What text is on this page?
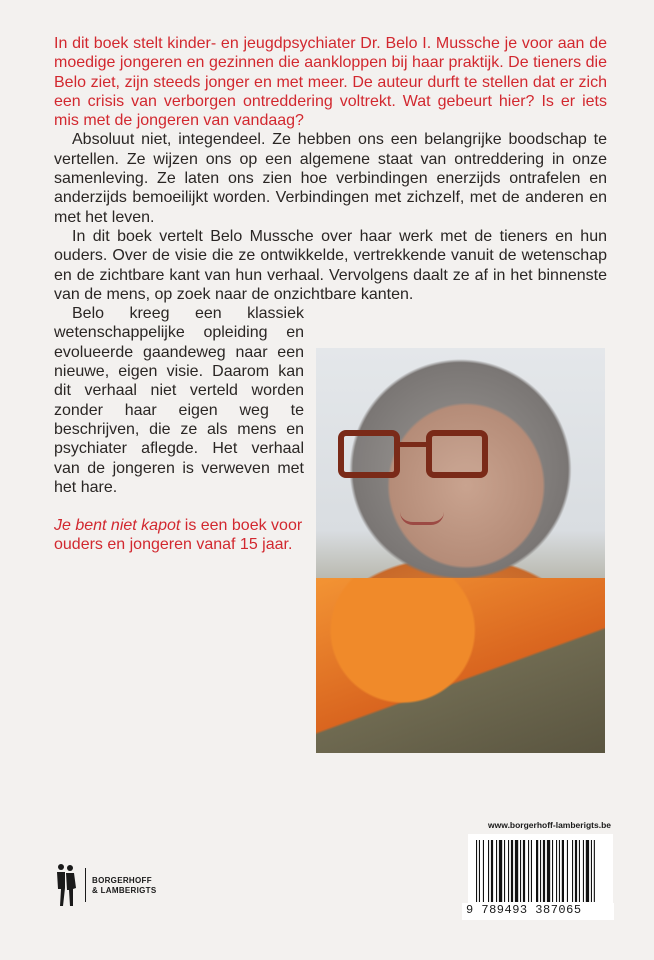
In dit boek stelt kinder- en jeugdpsychiater Dr. Belo I. Mussche je voor aan de moedige jongeren en gezinnen die aankloppen bij haar praktijk. De tieners die Belo ziet, zijn steeds jonger en met meer. De auteur durft te stellen dat er zich een crisis van verborgen ontreddering voltrekt. Wat gebeurt hier? Is er iets mis met de jongeren van vandaag?

Absoluut niet, integendeel. Ze hebben ons een belangrijke boodschap te vertellen. Ze wijzen ons op een algemene staat van ontreddering in onze samenleving. Ze laten ons zien hoe verbindingen enerzijds ontrafelen en anderzijds bemoeilijkt worden. Verbindingen met zichzelf, met de anderen en met het leven.

In dit boek vertelt Belo Mussche over haar werk met de tieners en hun ouders. Over de visie die ze ontwikkelde, vertrekkende vanuit de wetenschap en de zichtbare kant van hun verhaal. Vervolgens daalt ze af in het binnenste van de mens, op zoek naar de onzichtbare kanten.

Belo kreeg een klassiek wetenschappelijke opleiding en evolueerde gaandeweg naar een nieuwe, eigen visie. Daarom kan dit verhaal niet verteld worden zonder haar eigen weg te beschrijven, die ze als mens en psychiater aflegde. Het verhaal van de jongeren is verweven met het hare.

Je bent niet kapot is een boek voor ouders en jongeren vanaf 15 jaar.

BORGERHOFF
& LAMBERIGTS
www.borgerhoff-lamberigts.be
9 789493 387065
